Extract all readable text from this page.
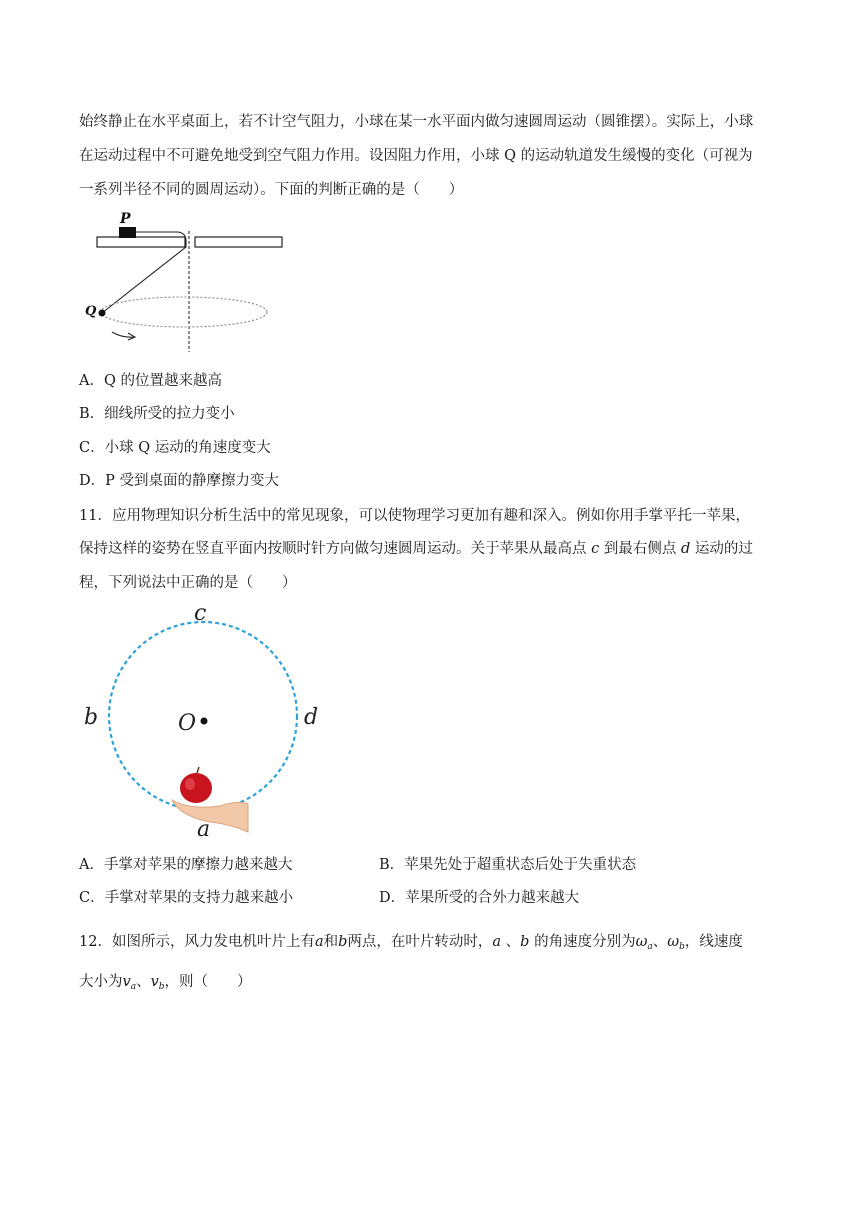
始终静止在水平桌面上，若不计空气阻力，小球在某一水平面内做匀速圆周运动（圆锥摆）。实际上，小球
在运动过程中不可避免地受到空气阻力作用。设因阻力作用，小球 Q 的运动轨道发生缓慢的变化（可视为
一系列半径不同的圆周运动）。下面的判断正确的是（　　）
P
Q
A．Q 的位置越来越高
B．细线所受的拉力变小
C．小球 Q 运动的角速度变大
D．P 受到桌面的静摩擦力变大
11．应用物理知识分析生活中的常见现象，可以使物理学习更加有趣和深入。例如你用手掌平托一苹果，
保持这样的姿势在竖直平面内按顺时针方向做匀速圆周运动。关于苹果从最高点 c 到最右侧点 d 运动的过
程，下列说法中正确的是（　　）
c
b	O	d
a
A．手掌对苹果的摩擦力越来越大	B．苹果先处于超重状态后处于失重状态
C．手掌对苹果的支持力越来越小	D．苹果所受的合外力越来越大
12．如图所示，风力发电机叶片上有a和b两点，在叶片转动时，a 、b 的角速度分别为$\omega_a$、$\omega_b$，线速度
大小为$v_a$、$v_b$，则（　　）
